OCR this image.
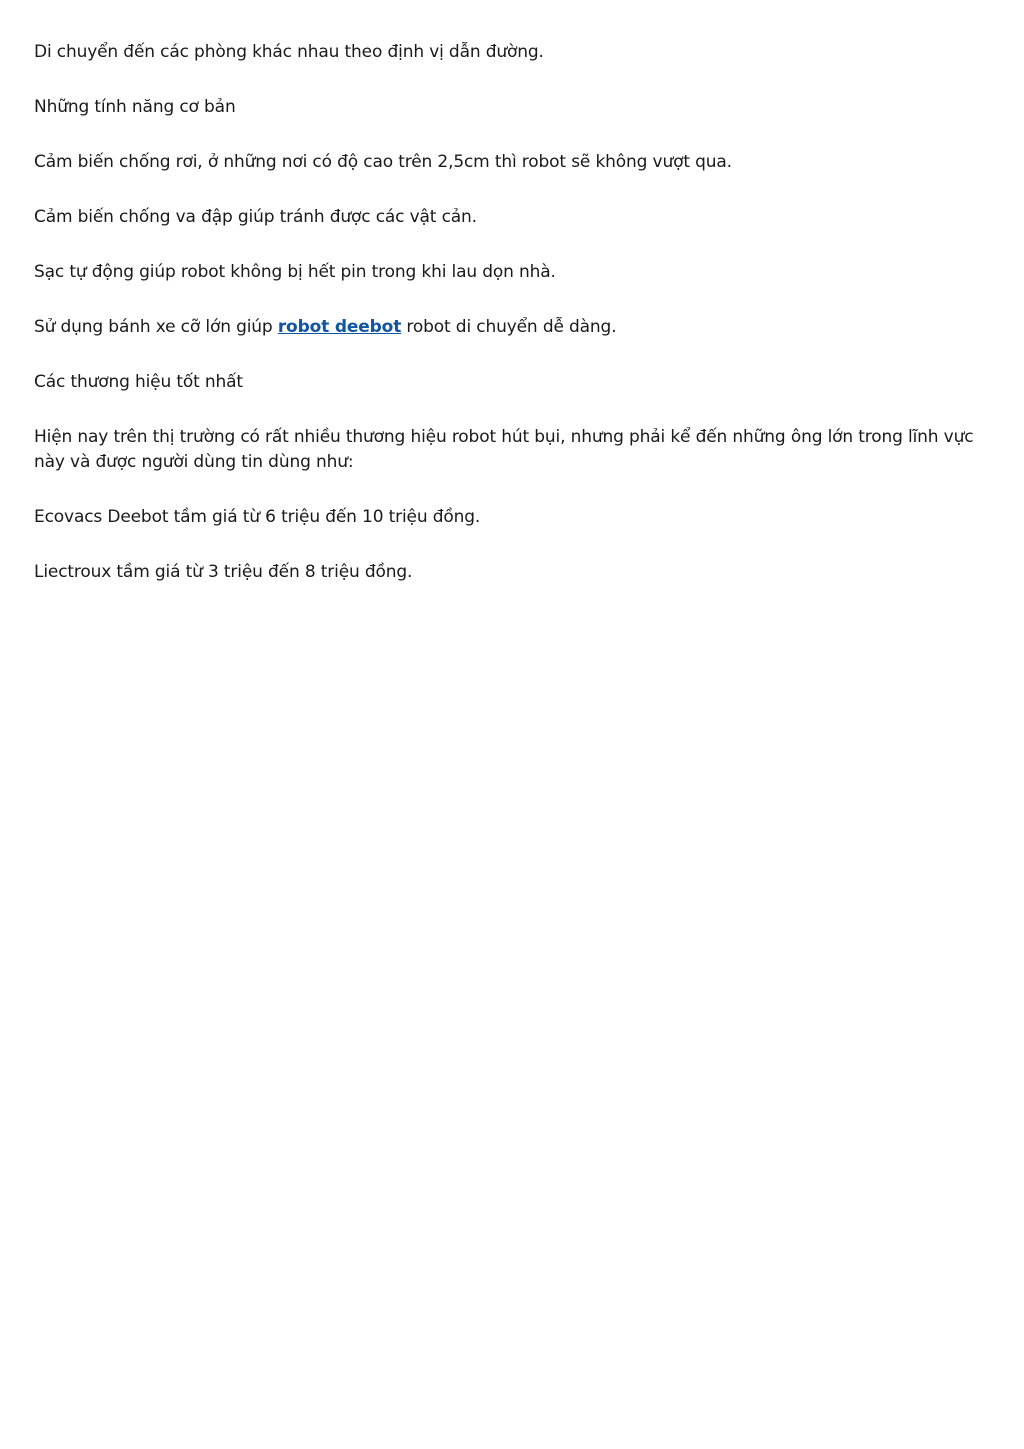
Di chuyển đến các phòng khác nhau theo định vị dẫn đường.

Những tính năng cơ bản

Cảm biến chống rơi, ở những nơi có độ cao trên 2,5cm thì robot sẽ không vượt qua.

Cảm biến chống va đập giúp tránh được các vật cản.

Sạc tự động giúp robot không bị hết pin trong khi lau dọn nhà.

Sử dụng bánh xe cỡ lớn giúp robot deebot robot di chuyển dễ dàng.

Các thương hiệu tốt nhất

Hiện nay trên thị trường có rất nhiều thương hiệu robot hút bụi, nhưng phải kể đến những ông lớn trong lĩnh vực này và được người dùng tin dùng như:

Ecovacs Deebot tầm giá từ 6 triệu đến 10 triệu đồng.

Liectroux tầm giá từ 3 triệu đến 8 triệu đồng.
